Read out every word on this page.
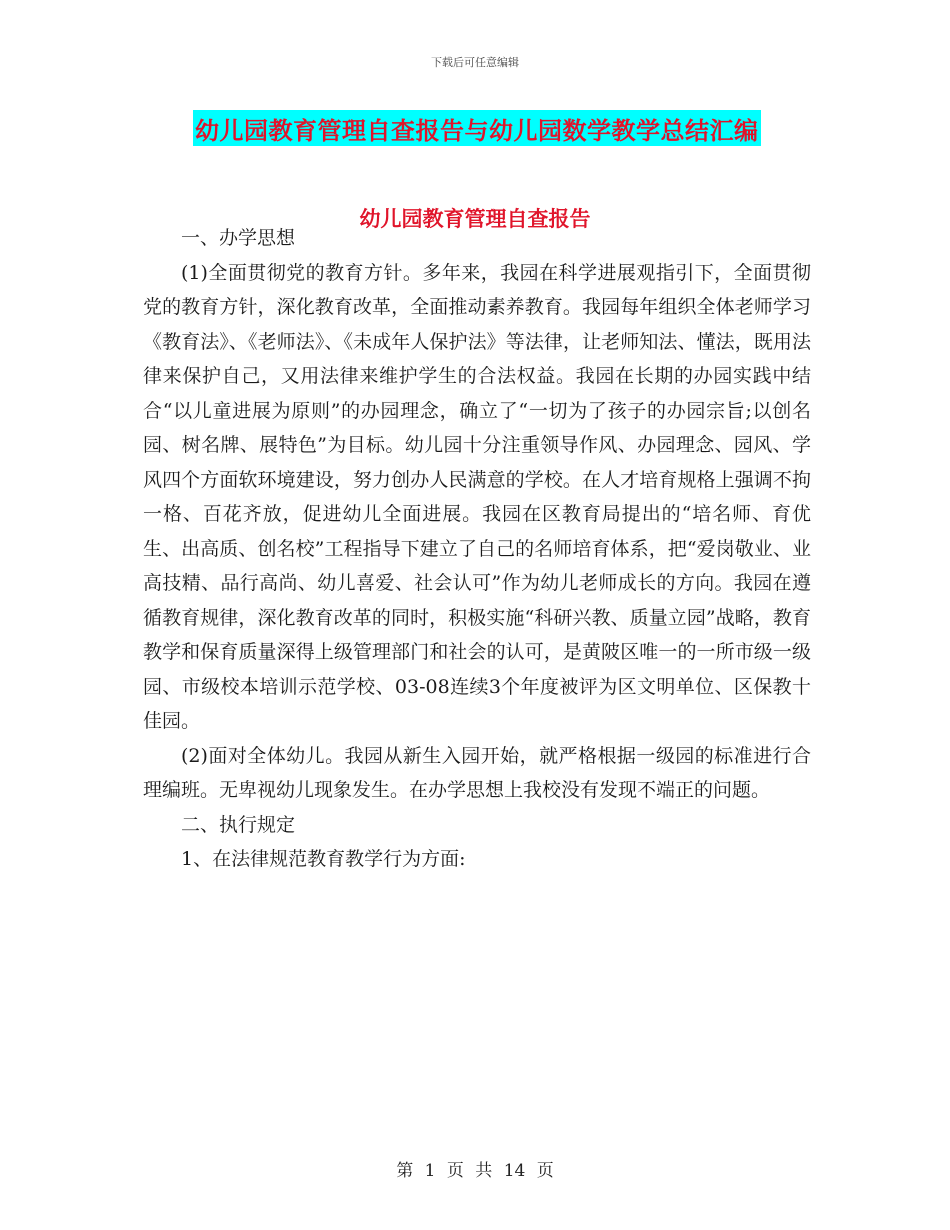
下载后可任意编辑
幼儿园教育管理自查报告与幼儿园数学教学总结汇编
幼儿园教育管理自查报告

一、办学思想

(1)全面贯彻党的教育方针。多年来，我园在科学进展观指引下，全面贯彻党的教育方针，深化教育改革，全面推动素养教育。我园每年组织全体老师学习《教育法》、《老师法》、《未成年人保护法》等法律，让老师知法、懂法，既用法律来保护自己，又用法律来维护学生的合法权益。我园在长期的办园实践中结合“以儿童进展为原则”的办园理念，确立了“一切为了孩子的办园宗旨;以创名园、树名牌、展特色”为目标。幼儿园十分注重领导作风、办园理念、园风、学风四个方面软环境建设，努力创办人民满意的学校。在人才培育规格上强调不拘一格、百花齐放，促进幼儿全面进展。我园在区教育局提出的“培名师、育优生、出高质、创名校”工程指导下建立了自己的名师培育体系，把“爱岗敬业、业高技精、品行高尚、幼儿喜爱、社会认可”作为幼儿老师成长的方向。我园在遵循教育规律，深化教育改革的同时，积极实施“科研兴教、质量立园”战略，教育教学和保育质量深得上级管理部门和社会的认可，是黄陂区唯一的一所市级一级园、市级校本培训示范学校、03-08连续3个年度被评为区文明单位、区保教十佳园。

(2)面对全体幼儿。我园从新生入园开始，就严格根据一级园的标准进行合理编班。无卑视幼儿现象发生。在办学思想上我校没有发现不端正的问题。

二、执行规定

1、在法律规范教育教学行为方面:

第 1 页 共 14 页
